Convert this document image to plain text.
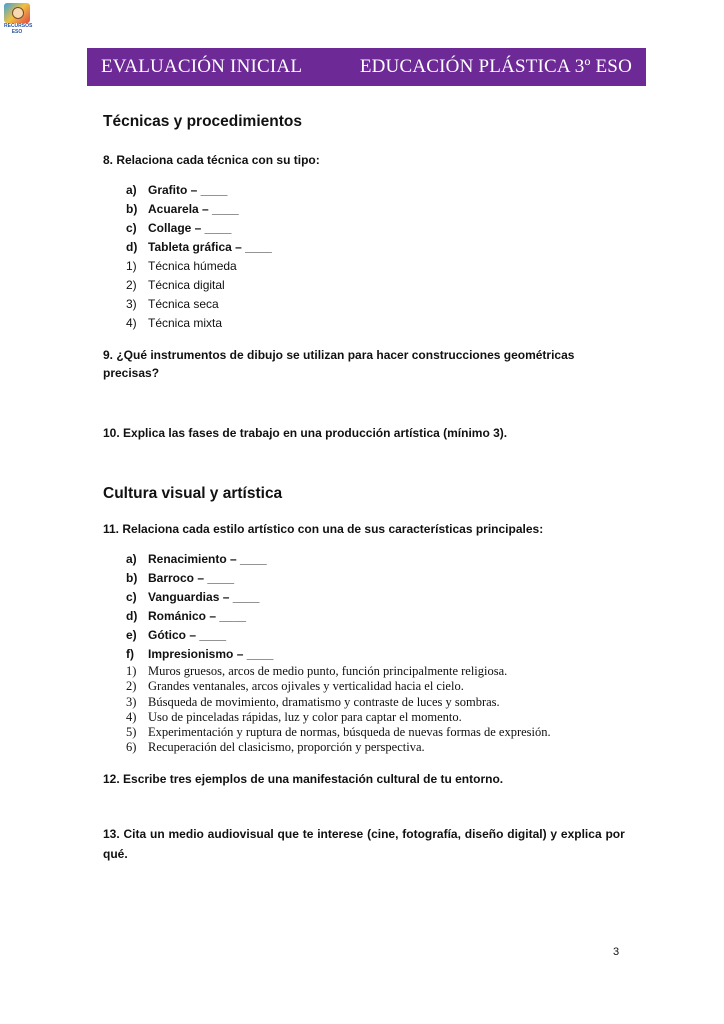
RECURSOS ESO
EVALUACIÓN INICIAL	EDUCACIÓN PLÁSTICA 3º ESO
Técnicas y procedimientos

8. Relaciona cada técnica con su tipo:

a) Grafito – ____
b) Acuarela – ____
c) Collage – ____
d) Tableta gráfica – ____
1) Técnica húmeda
2) Técnica digital
3) Técnica seca
4) Técnica mixta

9. ¿Qué instrumentos de dibujo se utilizan para hacer construcciones geométricas precisas?

10. Explica las fases de trabajo en una producción artística (mínimo 3).

Cultura visual y artística

11. Relaciona cada estilo artístico con una de sus características principales:

a) Renacimiento – ____
b) Barroco – ____
c) Vanguardias – ____
d) Románico – ____
e) Gótico – ____
f)	Impresionismo – ____
1) Muros gruesos, arcos de medio punto, función principalmente religiosa.
2) Grandes ventanales, arcos ojivales y verticalidad hacia el cielo.
3) Búsqueda de movimiento, dramatismo y contraste de luces y sombras.
4) Uso de pinceladas rápidas, luz y color para captar el momento.
5) Experimentación y ruptura de normas, búsqueda de nuevas formas de expresión.
6) Recuperación del clasicismo, proporción y perspectiva.

12. Escribe tres ejemplos de una manifestación cultural de tu entorno.

13. Cita un medio audiovisual que te interese (cine, fotografía, diseño digital) y explica por
qué.

3
